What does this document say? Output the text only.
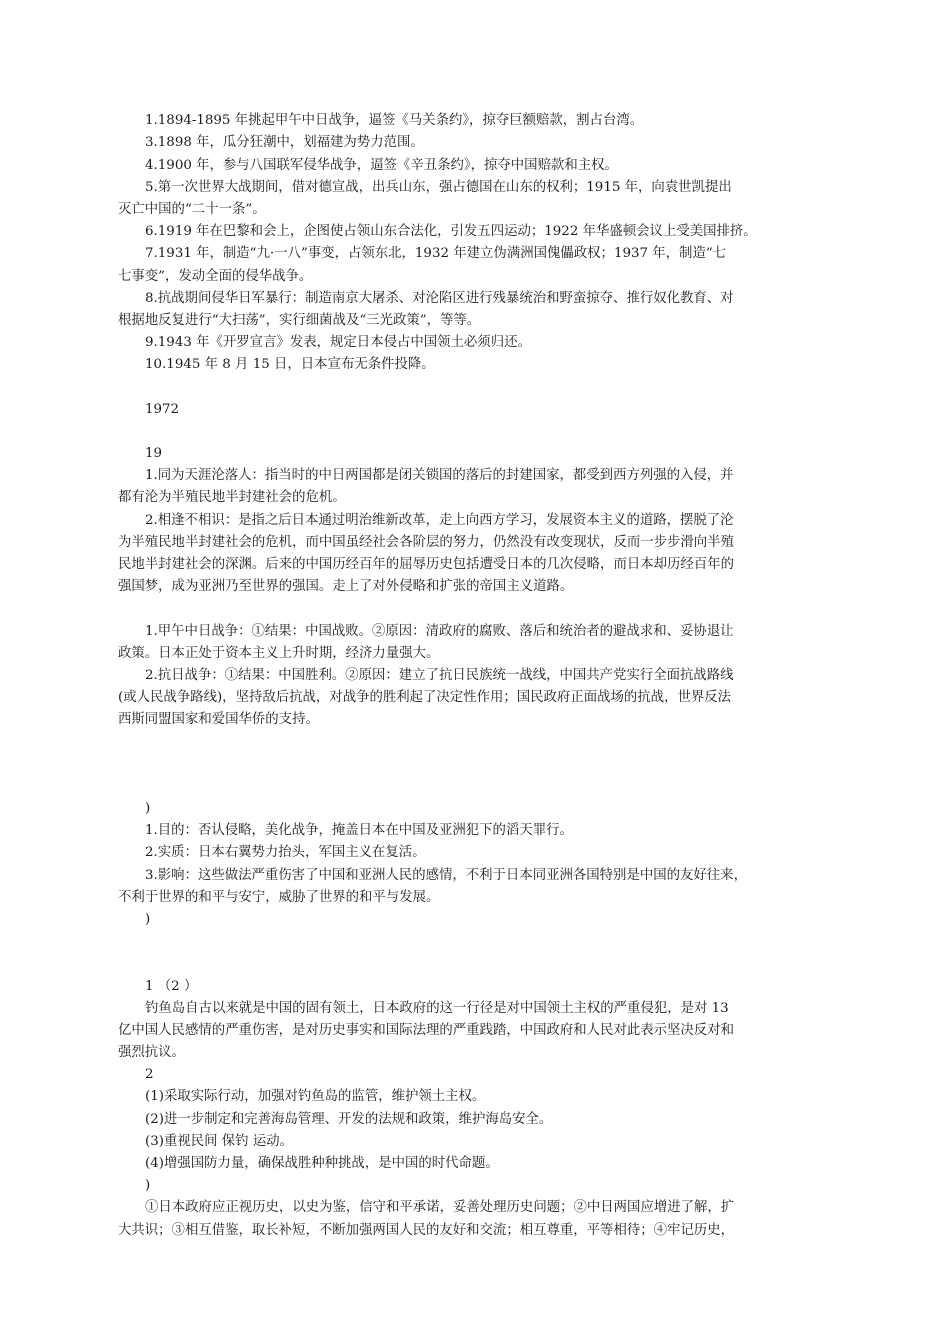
1.1894-1895 年挑起甲午中日战争，逼签《马关条约》，掠夺巨额赔款，割占台湾。
3.1898 年，瓜分狂潮中，划福建为势力范围。
4.1900 年，参与八国联军侵华战争，逼签《辛丑条约》，掠夺中国赔款和主权。
5.第一次世界大战期间，借对德宣战，出兵山东，强占德国在山东的权利；1915 年，向袁世凯提出
灭亡中国的“二十一条”。
6.1919 年在巴黎和会上，企图使占领山东合法化，引发五四运动；1922 年华盛顿会议上受美国排挤。
7.1931 年，制造“九·一八”事变，占领东北，1932 年建立伪满洲国傀儡政权；1937 年，制造“七
七事变”，发动全面的侵华战争。
8.抗战期间侵华日军暴行：制造南京大屠杀、对沦陷区进行残暴统治和野蛮掠夺、推行奴化教育、对
根据地反复进行“大扫荡”，实行细菌战及“三光政策”，等等。
9.1943 年《开罗宣言》发表，规定日本侵占中国领土必须归还。
10.1945 年 8 月 15 日，日本宣布无条件投降。
1972
19
1.同为天涯沦落人：指当时的中日两国都是闭关锁国的落后的封建国家，都受到西方列强的入侵，并
都有沦为半殖民地半封建社会的危机。
2.相逢不相识：是指之后日本通过明治维新改革，走上向西方学习，发展资本主义的道路，摆脱了沦
为半殖民地半封建社会的危机，而中国虽经社会各阶层的努力，仍然没有改变现状，反而一步步滑向半殖
民地半封建社会的深渊。后来的中国历经百年的屈辱历史包括遭受日本的几次侵略，而日本却历经百年的
强国梦，成为亚洲乃至世界的强国。走上了对外侵略和扩张的帝国主义道路。
1.甲午中日战争：①结果：中国战败。②原因：清政府的腐败、落后和统治者的避战求和、妥协退让
政策。日本正处于资本主义上升时期，经济力量强大。
2.抗日战争：①结果：中国胜利。②原因：建立了抗日民族统一战线，中国共产党实行全面抗战路线
(或人民战争路线)，坚持敌后抗战，对战争的胜利起了决定性作用；国民政府正面战场的抗战，世界反法
西斯同盟国家和爱国华侨的支持。
)
1.目的：否认侵略，美化战争，掩盖日本在中国及亚洲犯下的滔天罪行。
2.实质：日本右翼势力抬头，军国主义在复活。
3.影响：这些做法严重伤害了中国和亚洲人民的感情，不利于日本同亚洲各国特别是中国的友好往来，
不利于世界的和平与安宁，威胁了世界的和平与发展。
)
1 （2 ）
钓鱼岛自古以来就是中国的固有领土，日本政府的这一行径是对中国领土主权的严重侵犯，是对 13
亿中国人民感情的严重伤害，是对历史事实和国际法理的严重践踏，中国政府和人民对此表示坚决反对和
强烈抗议。
2
(1)采取实际行动，加强对钓鱼岛的监管，维护领土主权。
(2)进一步制定和完善海岛管理、开发的法规和政策，维护海岛安全。
(3)重视民间 保钓 运动。
(4)增强国防力量，确保战胜种种挑战，是中国的时代命题。
)
①日本政府应正视历史，以史为鉴，信守和平承诺，妥善处理历史问题；②中日两国应增进了解，扩
大共识；③相互借鉴，取长补短，不断加强两国人民的友好和交流；相互尊重，平等相待；④牢记历史，
